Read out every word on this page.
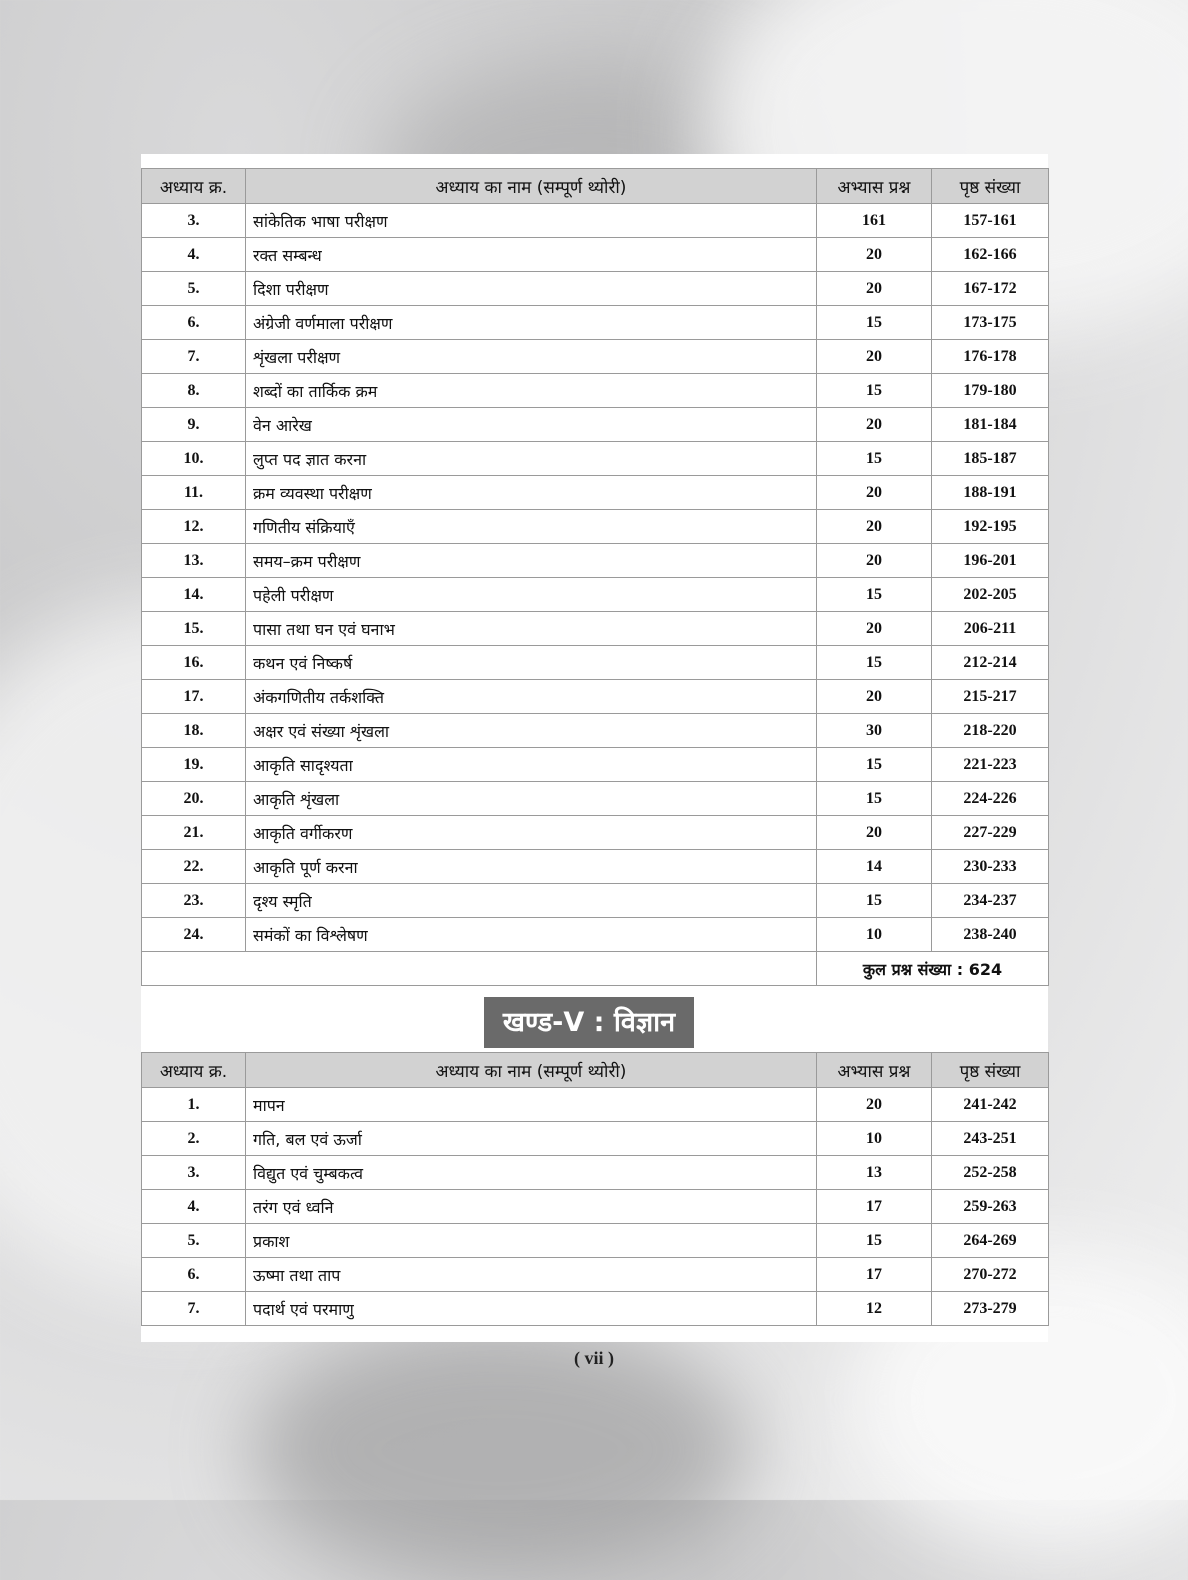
अध्याय क्र.	अध्याय का नाम (सम्पूर्ण थ्योरी)	अभ्यास प्रश्न	पृष्ठ संख्या
3.	सांकेतिक भाषा परीक्षण	161	157-161
4.	रक्त सम्बन्ध	20	162-166
5.	दिशा परीक्षण	20	167-172
6.	अंग्रेजी वर्णमाला परीक्षण	15	173-175
7.	शृंखला परीक्षण	20	176-178
8.	शब्दों का तार्किक क्रम	15	179-180
9.	वेन आरेख	20	181-184
10.	लुप्त पद ज्ञात करना	15	185-187
11.	क्रम व्यवस्था परीक्षण	20	188-191
12.	गणितीय संक्रियाएँ	20	192-195
13.	समय–क्रम परीक्षण	20	196-201
14.	पहेली परीक्षण	15	202-205
15.	पासा तथा घन एवं घनाभ	20	206-211
16.	कथन एवं निष्कर्ष	15	212-214
17.	अंकगणितीय तर्कशक्ति	20	215-217
18.	अक्षर एवं संख्या शृंखला	30	218-220
19.	आकृति सादृश्यता	15	221-223
20.	आकृति शृंखला	15	224-226
21.	आकृति वर्गीकरण	20	227-229
22.	आकृति पूर्ण करना	14	230-233
23.	दृश्य स्मृति	15	234-237
24.	समंकों का विश्लेषण	10	238-240
		कुल प्रश्न संख्या : 624	
खण्ड-V : विज्ञान
अध्याय क्र.	अध्याय का नाम (सम्पूर्ण थ्योरी)	अभ्यास प्रश्न	पृष्ठ संख्या
1.	मापन	20	241-242
2.	गति, बल एवं ऊर्जा	10	243-251
3.	विद्युत एवं चुम्बकत्व	13	252-258
4.	तरंग एवं ध्वनि	17	259-263
5.	प्रकाश	15	264-269
6.	ऊष्मा तथा ताप	17	270-272
7.	पदार्थ एवं परमाणु	12	273-279
( vii )
